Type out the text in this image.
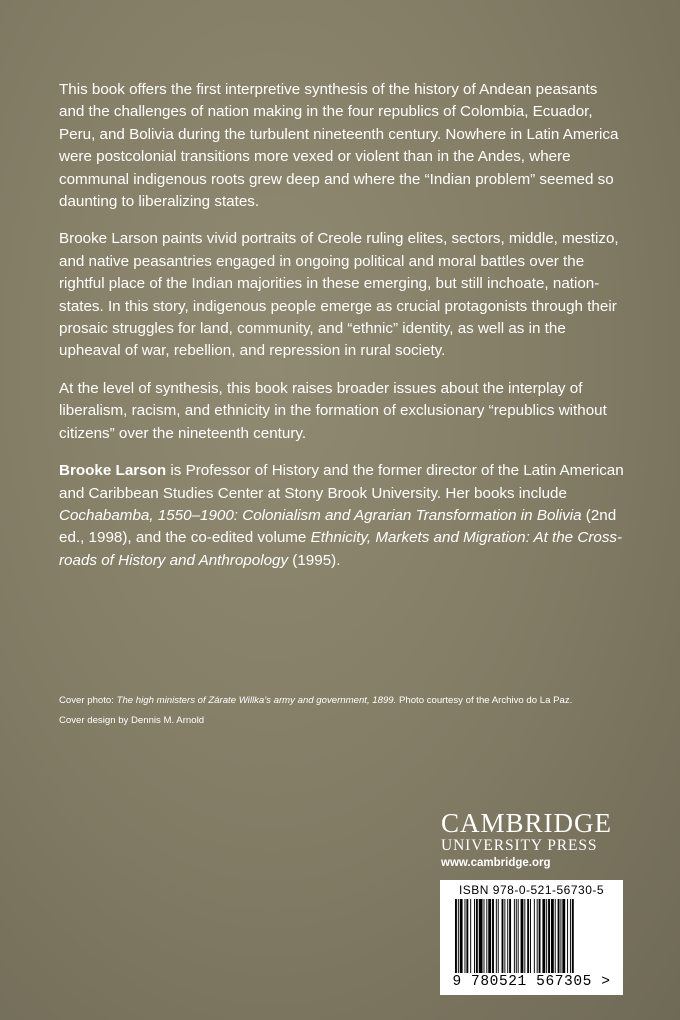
This book offers the first interpretive synthesis of the history of Andean peasants and the challenges of nation making in the four republics of Colombia, Ecuador, Peru, and Bolivia during the turbulent nineteenth century. Nowhere in Latin America were postcolonial transitions more vexed or violent than in the Andes, where communal indigenous roots grew deep and where the “Indian problem” seemed so daunting to liberalizing states.

Brooke Larson paints vivid portraits of Creole ruling elites, sectors, middle, mestizo, and native peasantries engaged in ongoing political and moral battles over the rightful place of the Indian majorities in these emerging, but still inchoate, nation-states. In this story, indigenous people emerge as crucial protagonists through their prosaic struggles for land, community, and “ethnic” identity, as well as in the upheaval of war, rebellion, and repression in rural society.

At the level of synthesis, this book raises broader issues about the interplay of liberalism, racism, and ethnicity in the formation of exclusionary “republics without citizens” over the nineteenth century.

Brooke Larson is Professor of History and the former director of the Latin American and Caribbean Studies Center at Stony Brook University. Her books include Cochabamba, 1550–1900: Colonialism and Agrarian Transformation in Bolivia (2nd ed., 1998), and the co-edited volume Ethnicity, Markets and Migration: At the Cross-roads of History and Anthropology (1995).

Cover photo: The high ministers of Zárate Willka’s army and government, 1899. Photo courtesy of the Archivo do La Paz.

Cover design by Dennis M. Arnold

CAMBRIDGE
UNIVERSITY PRESS
www.cambridge.org
ISBN 978-0-521-56730-5
9 780521 567305 >
